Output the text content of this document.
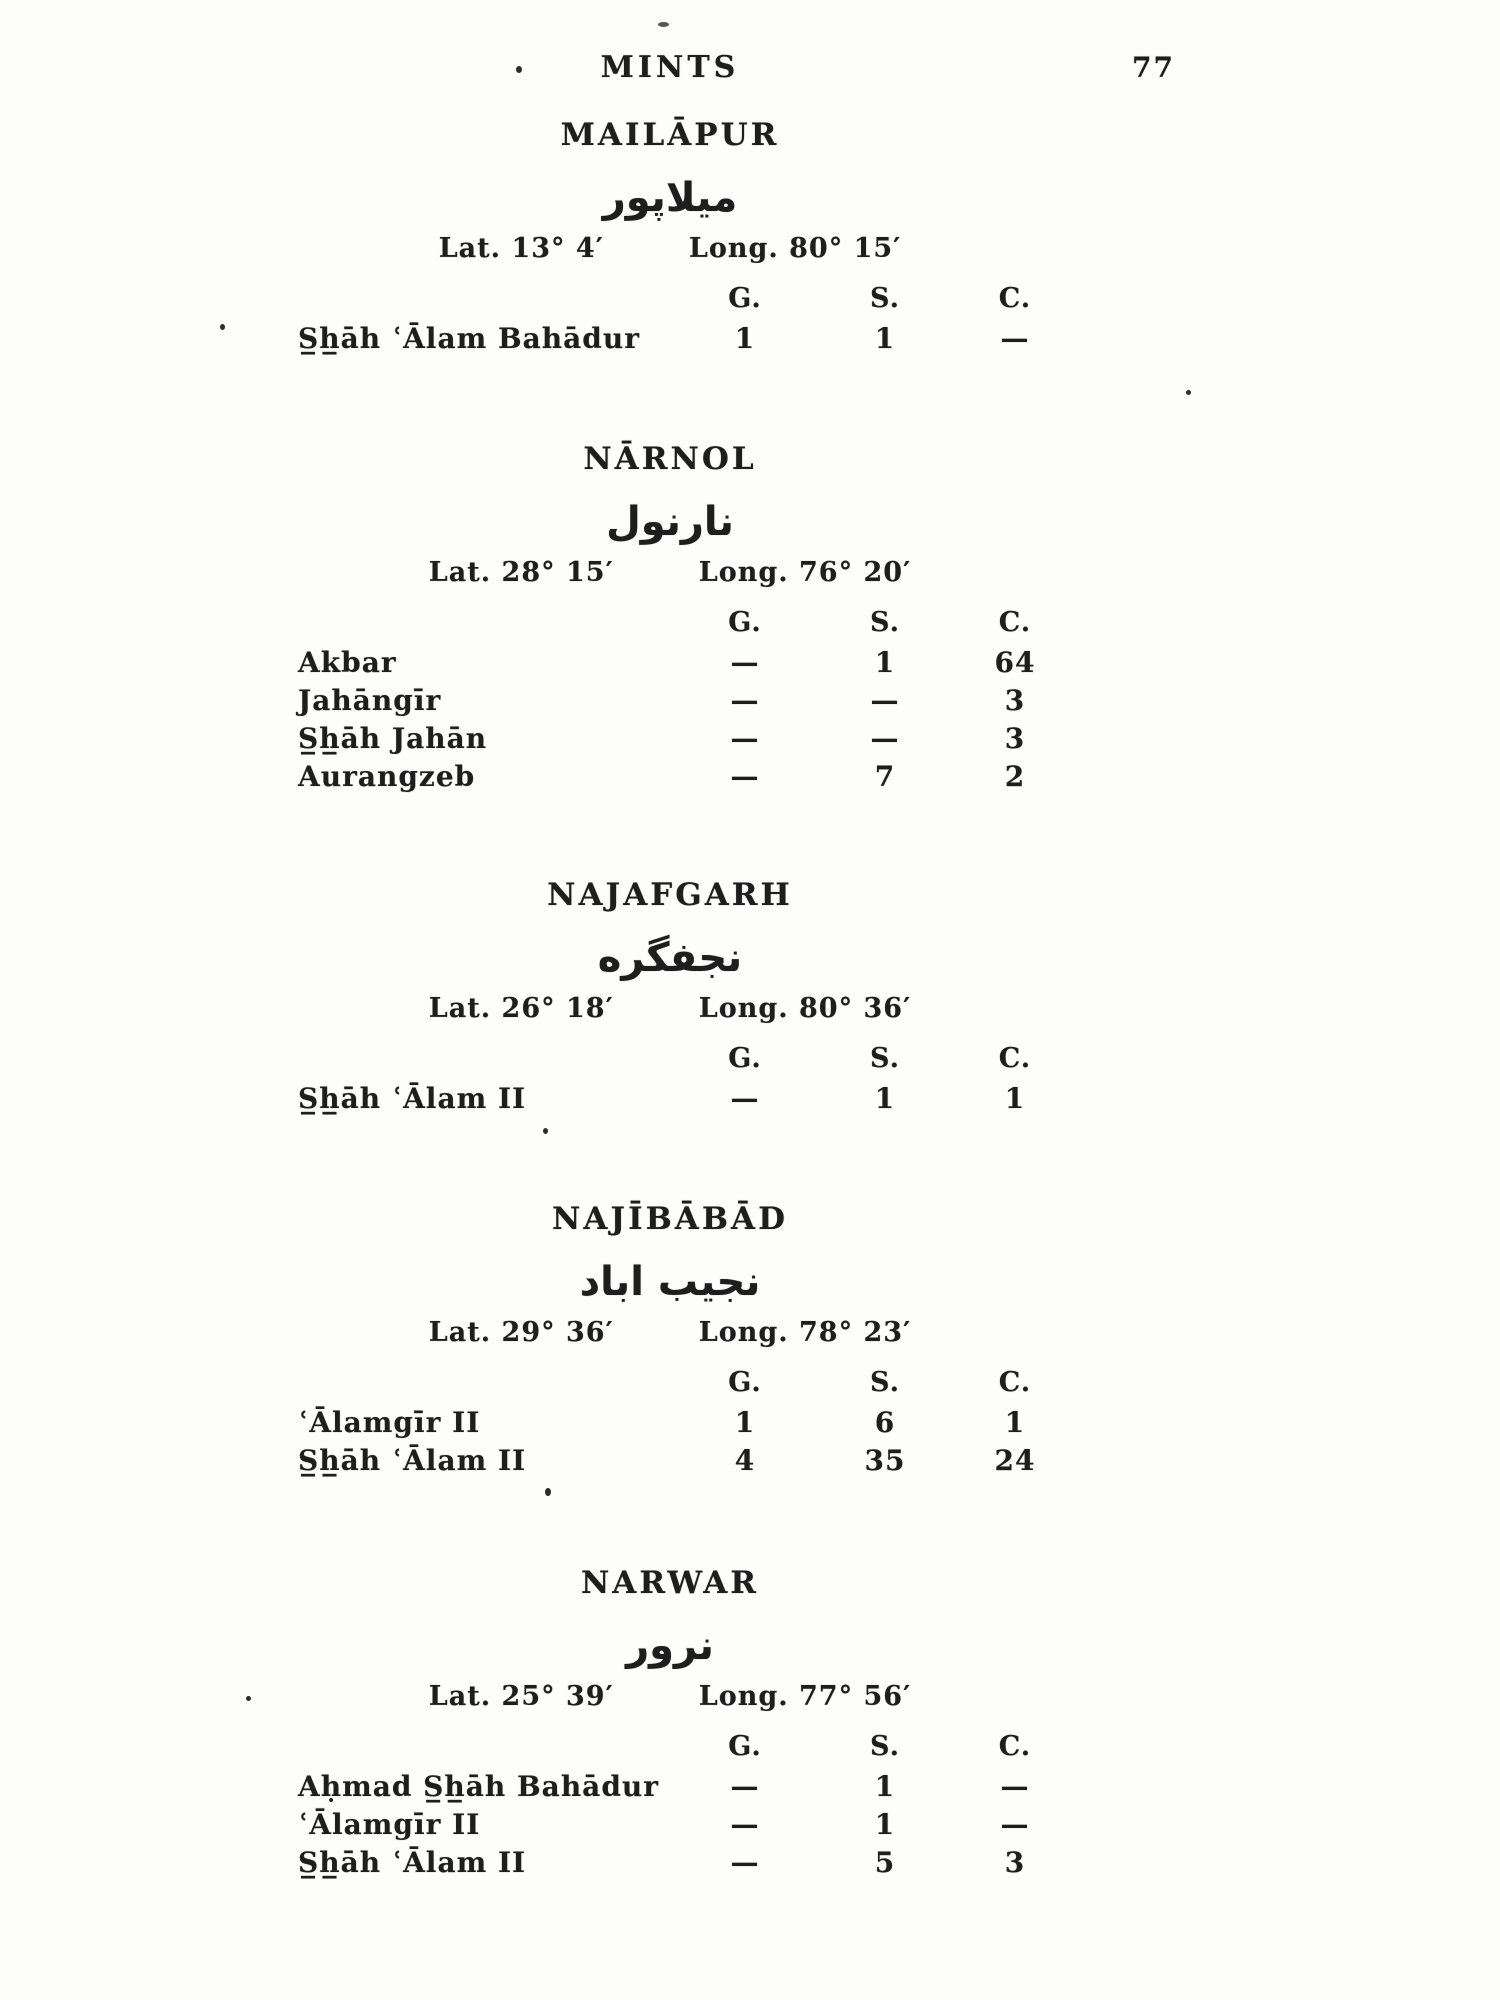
MINTS	77
MAILĀPUR
ميلاپور
Lat. 13° 4′	Long. 80° 15′
G.	S.	C.
S̲h̲āh ʿĀlam Bahādur	1	1	—
NĀRNOL
نارنول
Lat. 28° 15′	Long. 76° 20′
G.	S.	C.
Akbar	—	1	64
Jahāngīr	—	—	3
S̲h̲āh Jahān	—	—	3
Aurangzeb	—	7	2
NAJAFGARH
نجفگره
Lat. 26° 18′	Long. 80° 36′
G.	S.	C.
S̲h̲āh ʿĀlam II	—	1	1
NAJĪBĀBĀD
نجيب اباد
Lat. 29° 36′	Long. 78° 23′
G.	S.	C.
ʿĀlamgīr II	1	6	1
S̲h̲āh ʿĀlam II	4	35	24
NARWAR
نرور
Lat. 25° 39′	Long. 77° 56′
G.	S.	C.
Aḥmad S̲h̲āh Bahādur	—	1	—
ʿĀlamgīr II	—	1	—
S̲h̲āh ʿĀlam II	—	5	3
